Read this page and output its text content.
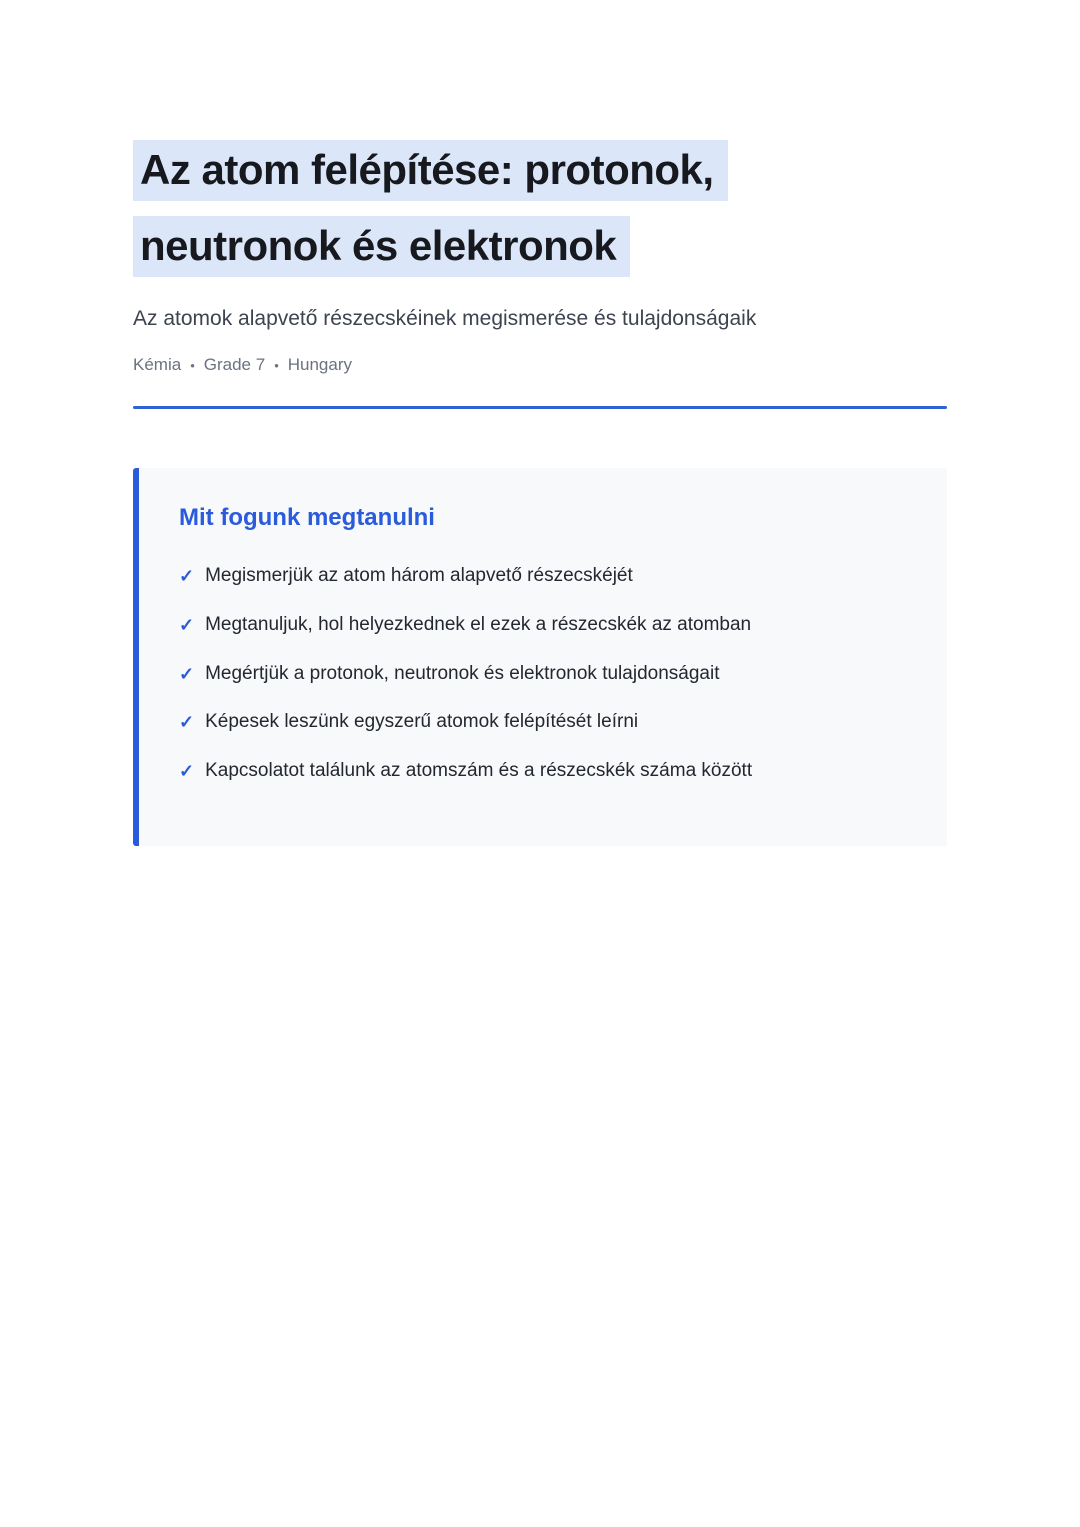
Az atom felépítése: protonok,
neutronok és elektronok

Az atomok alapvető részecskéinek megismerése és tulajdonságaik

Kémia • Grade 7 • Hungary
Mit fogunk megtanulni
✓ Megismerjük az atom három alapvető részecskéjét
✓ Megtanuljuk, hol helyezkednek el ezek a részecskék az atomban
✓ Megértjük a protonok, neutronok és elektronok tulajdonságait
✓ Képesek leszünk egyszerű atomok felépítését leírni
✓ Kapcsolatot találunk az atomszám és a részecskék száma között
